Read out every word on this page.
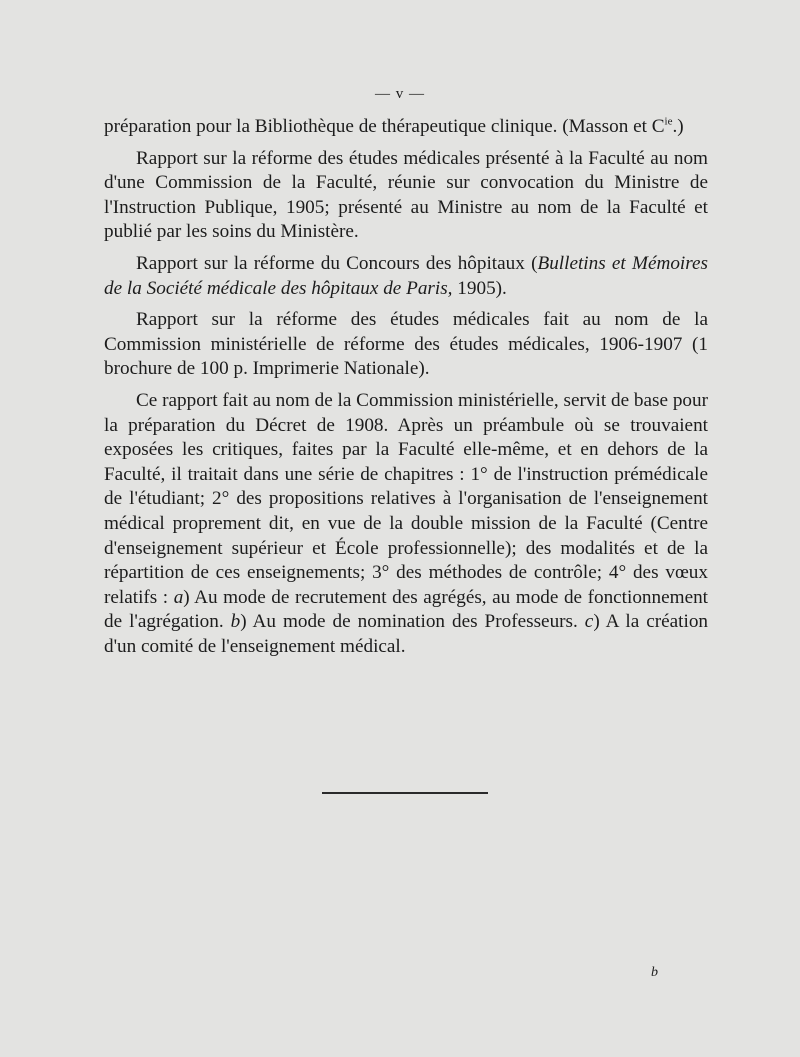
— v —

préparation pour la Bibliothèque de thérapeutique clinique. (Masson et $C^{ie}$.)

Rapport sur la réforme des études médicales présenté à la Faculté au nom d'une Commission de la Faculté, réunie sur convocation du Ministre de l'Instruction Publique, 1905; présenté au Ministre au nom de la Faculté et publié par les soins du Ministère.

Rapport sur la réforme du Concours des hôpitaux (Bulletins et Mémoires de la Société médicale des hôpitaux de Paris, 1905).

Rapport sur la réforme des études médicales fait au nom de la Commission ministérielle de réforme des études médicales, 1906-1907 (1 brochure de 100 p. Imprimerie Nationale).

Ce rapport fait au nom de la Commission ministérielle, servit de base pour la préparation du Décret de 1908. Après un préambule où se trouvaient exposées les critiques, faites par la Faculté elle-même, et en dehors de la Faculté, il traitait dans une série de chapitres : 1° de l'instruction prémédicale de l'étudiant; 2° des propositions relatives à l'organisation de l'enseignement médical proprement dit, en vue de la double mission de la Faculté (Centre d'enseignement supérieur et École professionnelle); des modalités et de la répartition de ces enseignements; 3° des méthodes de contrôle; 4° des vœux relatifs : a) Au mode de recrutement des agrégés, au mode de fonctionnement de l'agrégation. b) Au mode de nomination des Professeurs. c) A la création d'un comité de l'enseignement médical.

b
